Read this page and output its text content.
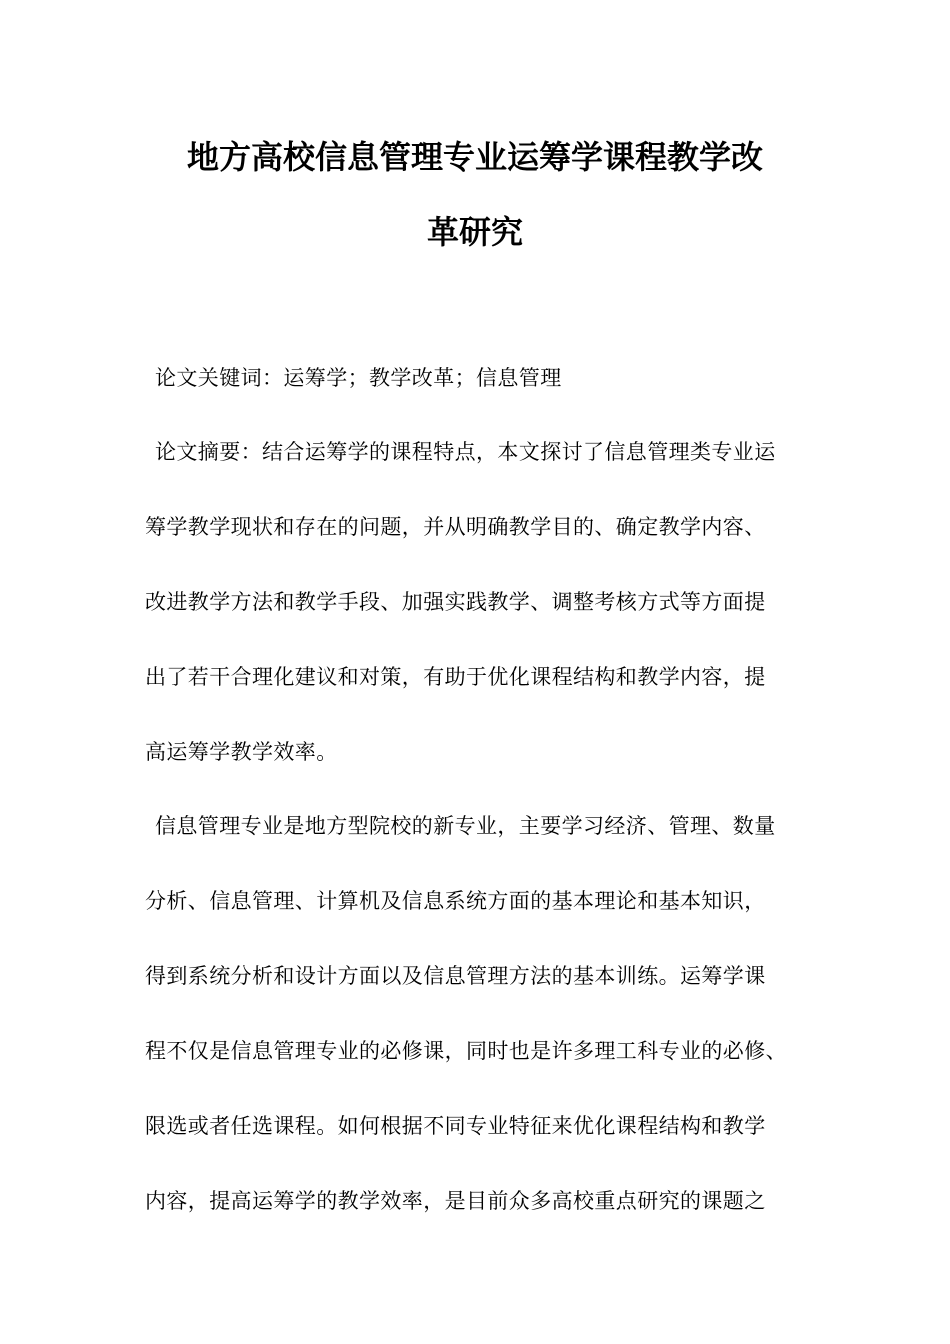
地方高校信息管理专业运筹学课程教学改
革研究
论文关键词：运筹学；教学改革；信息管理
论文摘要：结合运筹学的课程特点，本文探讨了信息管理类专业运
筹学教学现状和存在的问题，并从明确教学目的、确定教学内容、
改进教学方法和教学手段、加强实践教学、调整考核方式等方面提
出了若干合理化建议和对策，有助于优化课程结构和教学内容，提
高运筹学教学效率。
信息管理专业是地方型院校的新专业，主要学习经济、管理、数量
分析、信息管理、计算机及信息系统方面的基本理论和基本知识，
得到系统分析和设计方面以及信息管理方法的基本训练。运筹学课
程不仅是信息管理专业的必修课，同时也是许多理工科专业的必修、
限选或者任选课程。如何根据不同专业特征来优化课程结构和教学
内容，提高运筹学的教学效率，是目前众多高校重点研究的课题之
